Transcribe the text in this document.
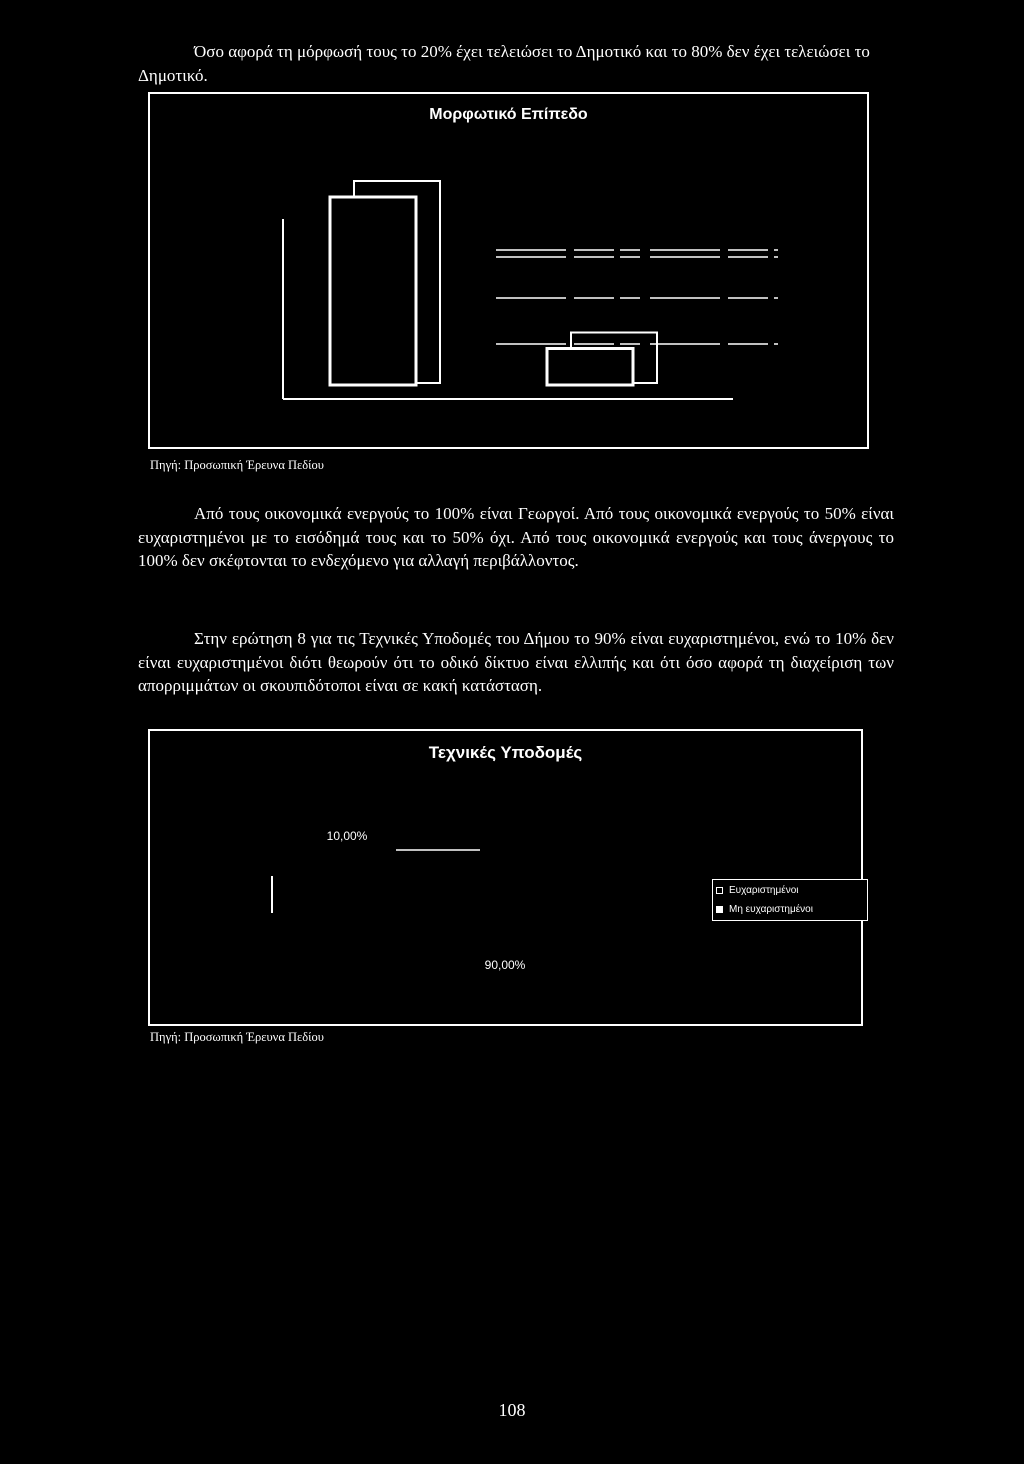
Όσο αφορά τη μόρφωσή τους το 20% έχει τελειώσει το Δημοτικό και το 80% δεν έχει τελειώσει το Δημοτικό.

Μορφωτικό Επίπεδο

Πηγή: Προσωπική Έρευνα Πεδίου

Από τους οικονομικά ενεργούς το 100% είναι Γεωργοί. Από τους οικονομικά ενεργούς το 50% είναι ευχαριστημένοι με το εισόδημά τους και το 50% όχι. Από τους οικονομικά ενεργούς και τους άνεργους το 100% δεν σκέφτονται το ενδεχόμενο για αλλαγή περιβάλλοντος.

Στην ερώτηση 8 για τις Τεχνικές Υποδομές του Δήμου το 90% είναι ευχαριστημένοι, ενώ το 10% δεν είναι ευχαριστημένοι διότι θεωρούν ότι το οδικό δίκτυο είναι ελλιπής και ότι όσο αφορά τη διαχείριση των απορριμμάτων οι σκουπιδότοποι είναι σε κακή κατάσταση.

Τεχνικές Υποδομές

90,00%
10,00%
Ευχαριστημένοι
Μη ευχαριστημένοι

Πηγή: Προσωπική Έρευνα Πεδίου

108
